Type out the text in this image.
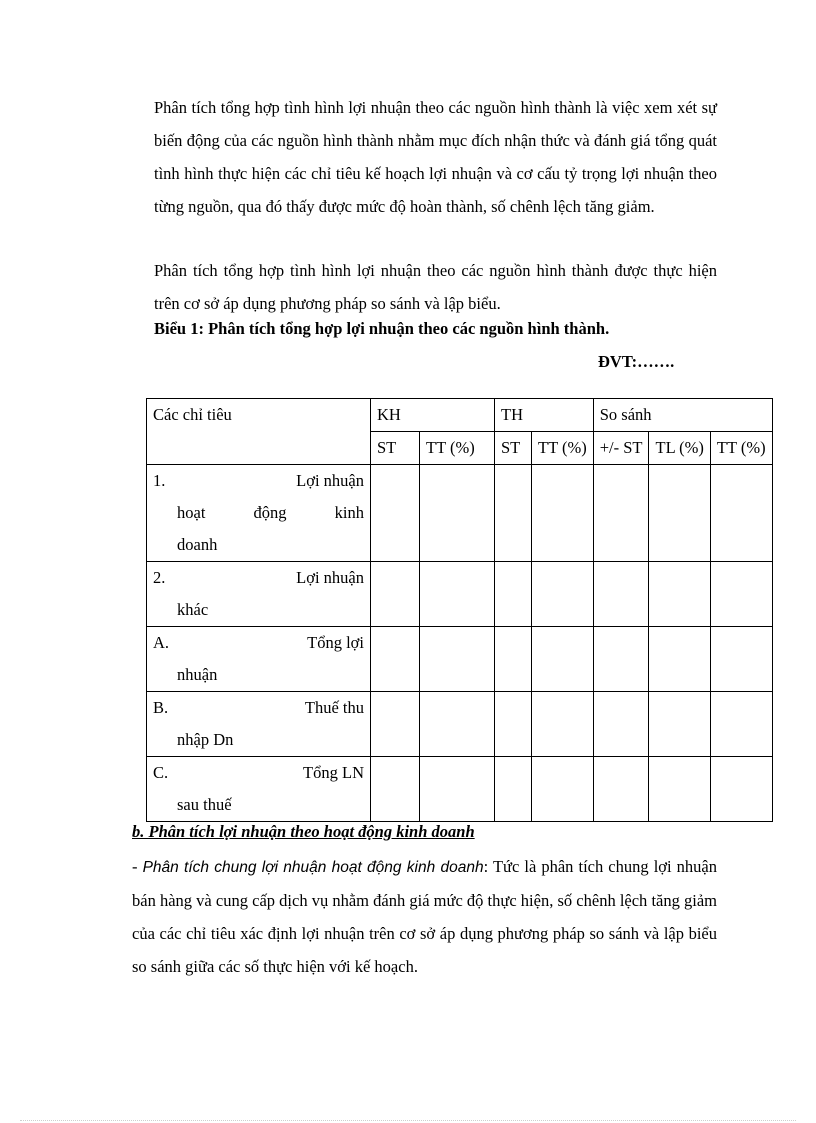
Phân tích tổng hợp tình hình lợi nhuận theo các nguồn hình thành là việc xem xét sự biến động của các nguồn hình thành nhằm mục đích nhận thức và đánh giá tổng quát tình hình thực hiện các chỉ tiêu kế hoạch lợi nhuận và cơ cấu tỷ trọng lợi nhuận theo từng nguồn, qua đó thấy được mức độ hoàn thành, số chênh lệch tăng giảm.

Phân tích tổng hợp tình hình lợi nhuận theo các nguồn hình thành được thực hiện trên cơ sở áp dụng phương pháp so sánh và lập biểu.

Biểu 1: Phân tích tổng hợp lợi nhuận theo các nguồn hình thành.

ĐVT:…….

Các chỉ tiêu	KH		TH		So sánh		
	ST	TT (%)	ST	TT (%)	+/- ST	TL (%)	TT (%)

1. Lợi nhuận
hoạt động kinh
doanh							

2. Lợi nhuận
khác							

A. Tổng lợi
nhuận							

B. Thuế thu
nhập Dn							

C. Tổng LN
sau thuế							

b. Phân tích lợi nhuận theo hoạt động kinh doanh

- Phân tích chung lợi nhuận hoạt động kinh doanh: Tức là phân tích chung lợi nhuận bán hàng và cung cấp dịch vụ nhằm đánh giá mức độ thực hiện, số chênh lệch tăng giảm của các chỉ tiêu xác định lợi nhuận trên cơ sở áp dụng phương pháp so sánh và lập biểu so sánh giữa các số thực hiện với kế hoạch.
